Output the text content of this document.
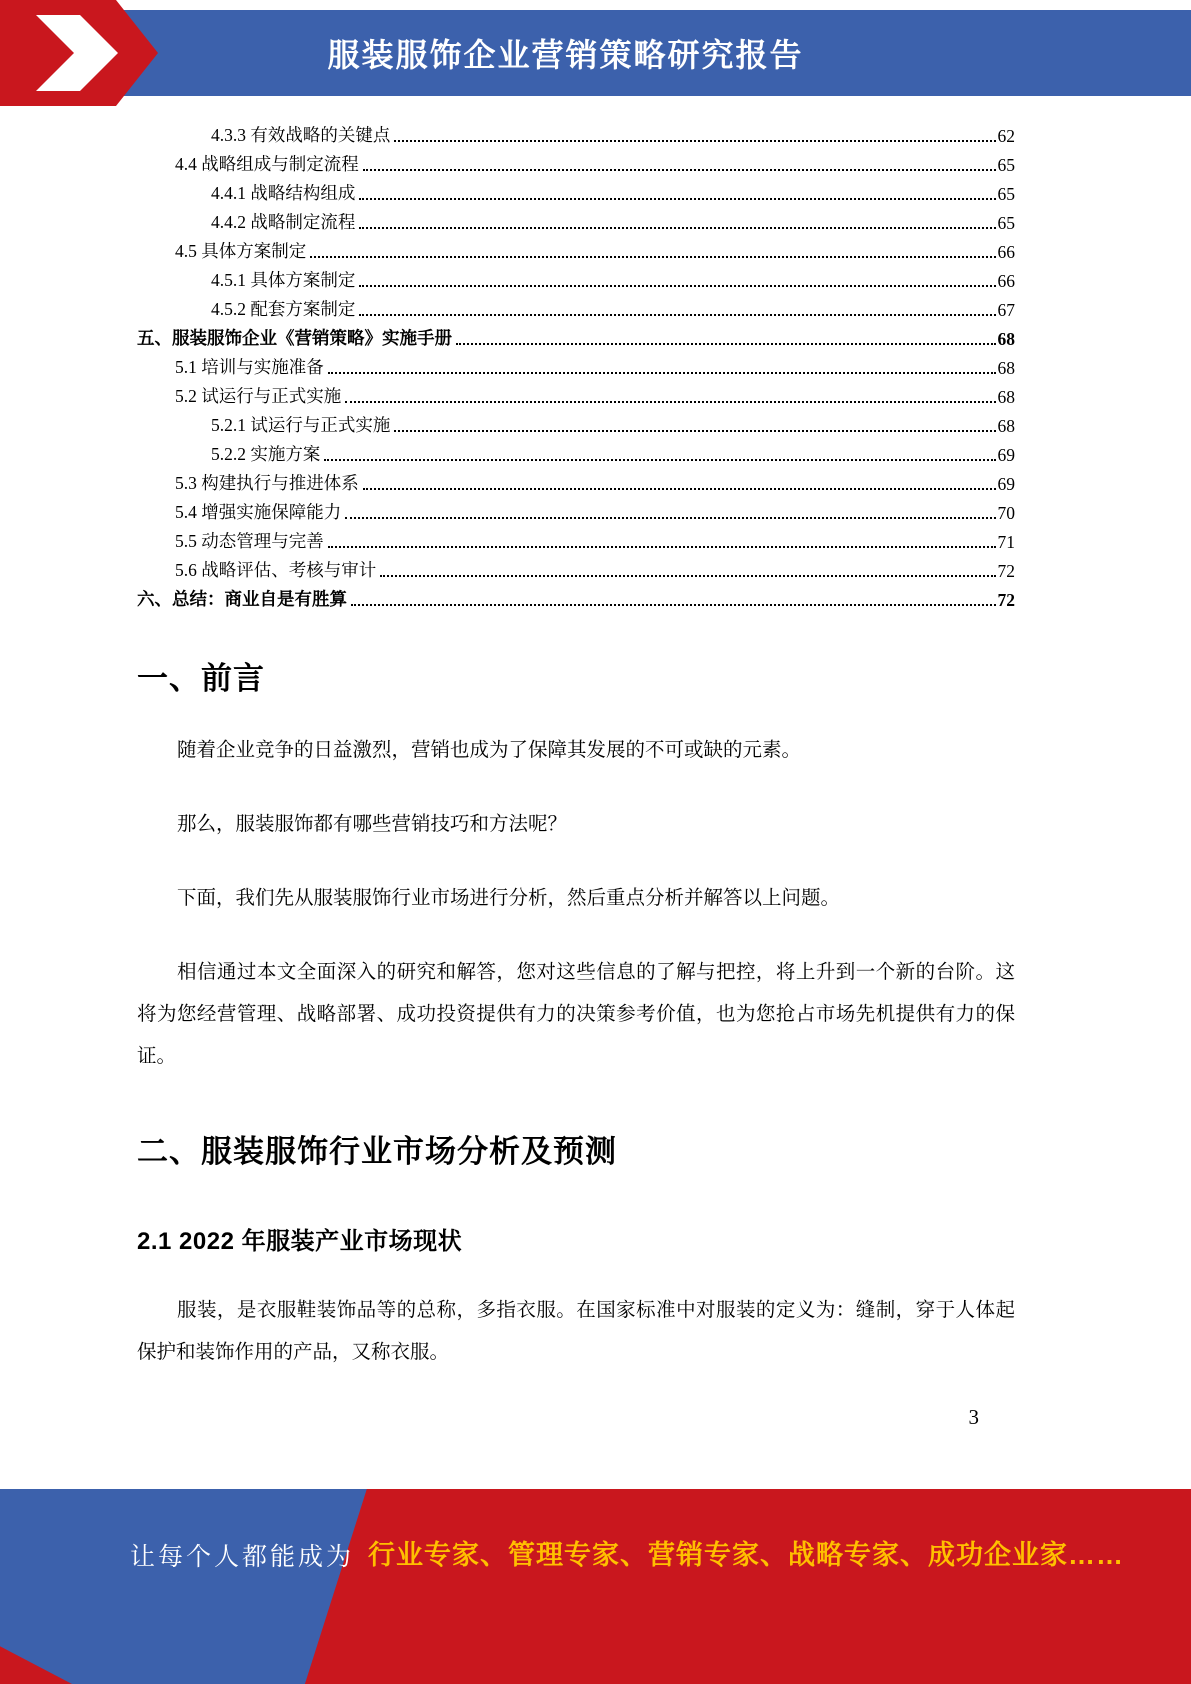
服装服饰企业营销策略研究报告
4.3.3 有效战略的关键点	62
4.4 战略组成与制定流程	65
4.4.1 战略结构组成	65
4.4.2 战略制定流程	65
4.5 具体方案制定	66
4.5.1 具体方案制定	66
4.5.2 配套方案制定	67
五、服装服饰企业《营销策略》实施手册	68
5.1 培训与实施准备	68
5.2 试运行与正式实施	68
5.2.1 试运行与正式实施	68
5.2.2 实施方案	69
5.3 构建执行与推进体系	69
5.4 增强实施保障能力	70
5.5 动态管理与完善	71
5.6 战略评估、考核与审计	72
六、总结：商业自是有胜算	72
一、前言
随着企业竞争的日益激烈，营销也成为了保障其发展的不可或缺的元素。
那么，服装服饰都有哪些营销技巧和方法呢？
下面，我们先从服装服饰行业市场进行分析，然后重点分析并解答以上问题。
相信通过本文全面深入的研究和解答，您对这些信息的了解与把控，将上升到一个新的台阶。这将为您经营管理、战略部署、成功投资提供有力的决策参考价值，也为您抢占市场先机提供有力的保证。
二、服装服饰行业市场分析及预测
2.1 2022 年服装产业市场现状
服装，是衣服鞋装饰品等的总称，多指衣服。在国家标准中对服装的定义为：缝制，穿于人体起保护和装饰作用的产品，又称衣服。
3
让每个人都能成为 行业专家、管理专家、营销专家、战略专家、成功企业家……
